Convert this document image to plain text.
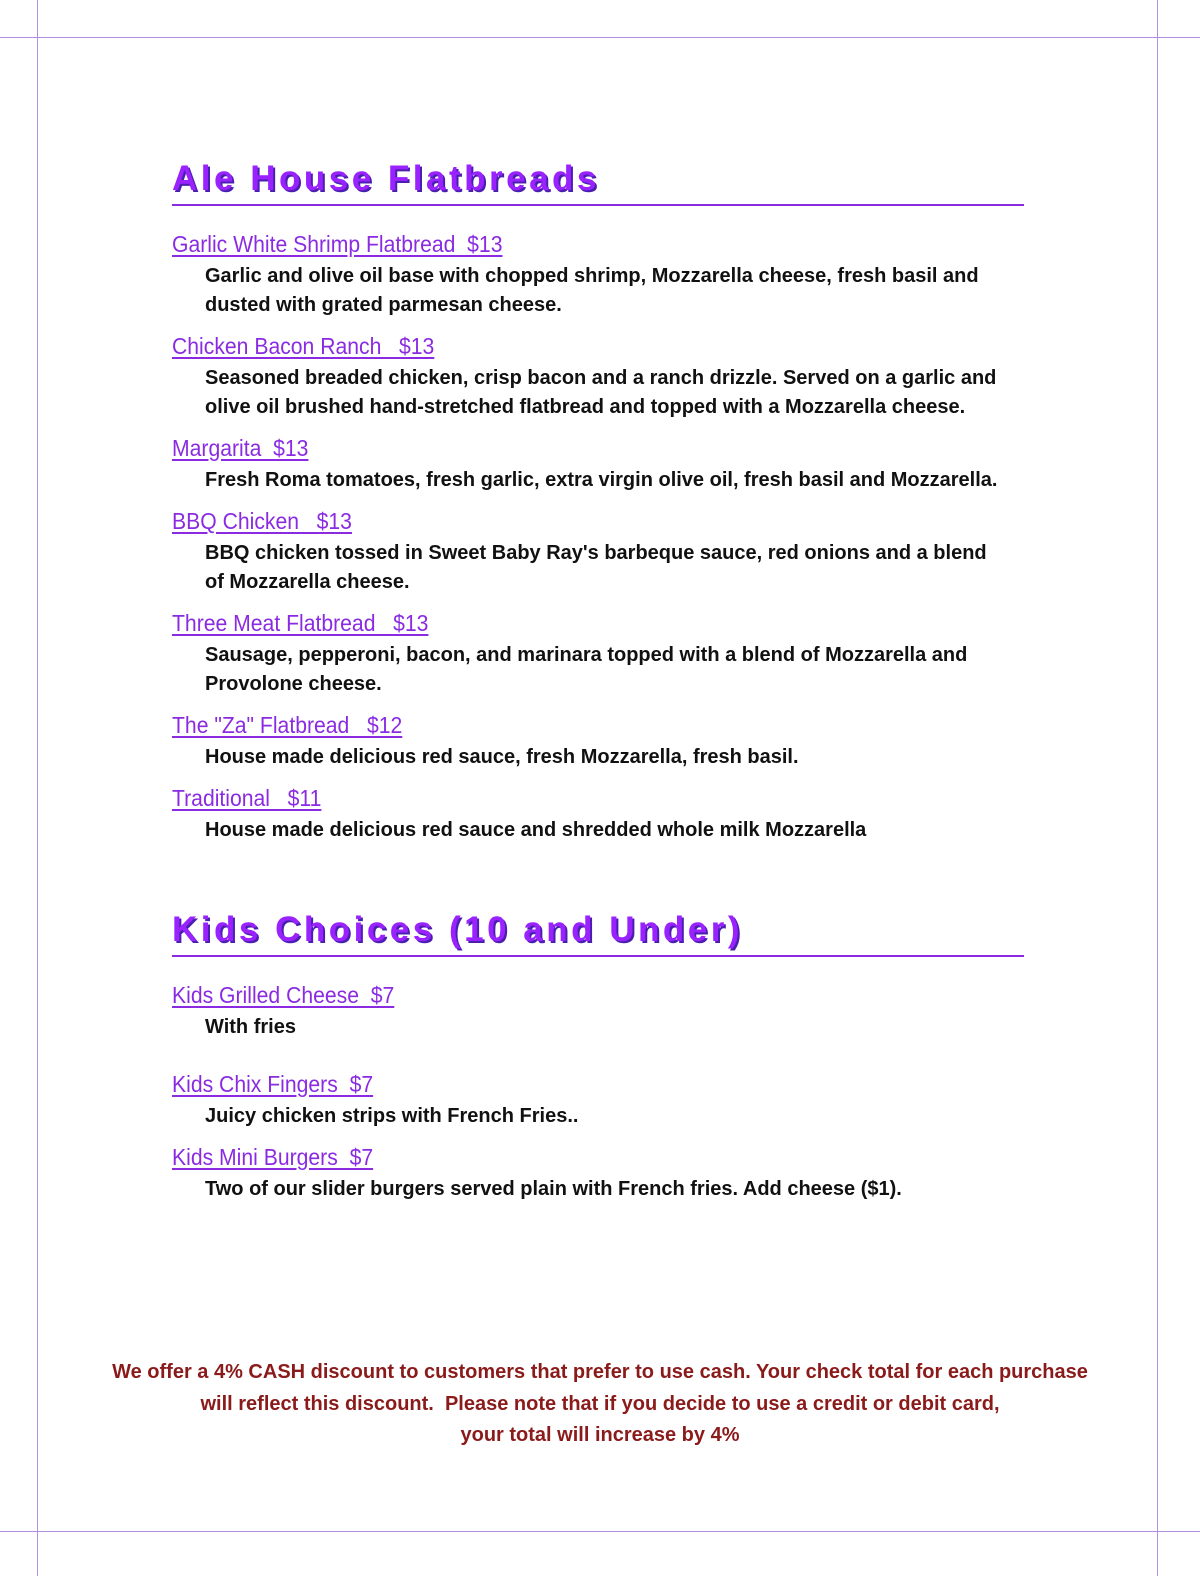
Ale House Flatbreads
Garlic White Shrimp Flatbread  $13
Garlic and olive oil base with chopped shrimp, Mozzarella cheese, fresh basil and
dusted with grated parmesan cheese.
Chicken Bacon Ranch   $13
Seasoned breaded chicken, crisp bacon and a ranch drizzle. Served on a garlic and
olive oil brushed hand-stretched flatbread and topped with a Mozzarella cheese.
Margarita  $13
Fresh Roma tomatoes, fresh garlic, extra virgin olive oil, fresh basil and Mozzarella.
BBQ Chicken   $13
BBQ chicken tossed in Sweet Baby Ray's barbeque sauce, red onions and a blend
of Mozzarella cheese.
Three Meat Flatbread   $13
Sausage, pepperoni, bacon, and marinara topped with a blend of Mozzarella and
Provolone cheese.
The "Za" Flatbread   $12
House made delicious red sauce, fresh Mozzarella, fresh basil.
Traditional   $11
House made delicious red sauce and shredded whole milk Mozzarella
Kids Choices (10 and Under)
Kids Grilled Cheese  $7
With fries
Kids Chix Fingers  $7
Juicy chicken strips with French Fries..
Kids Mini Burgers  $7
Two of our slider burgers served plain with French fries. Add cheese ($1).
We offer a 4% CASH discount to customers that prefer to use cash. Your check total for each purchase
will reflect this discount.  Please note that if you decide to use a credit or debit card,
your total will increase by 4%
